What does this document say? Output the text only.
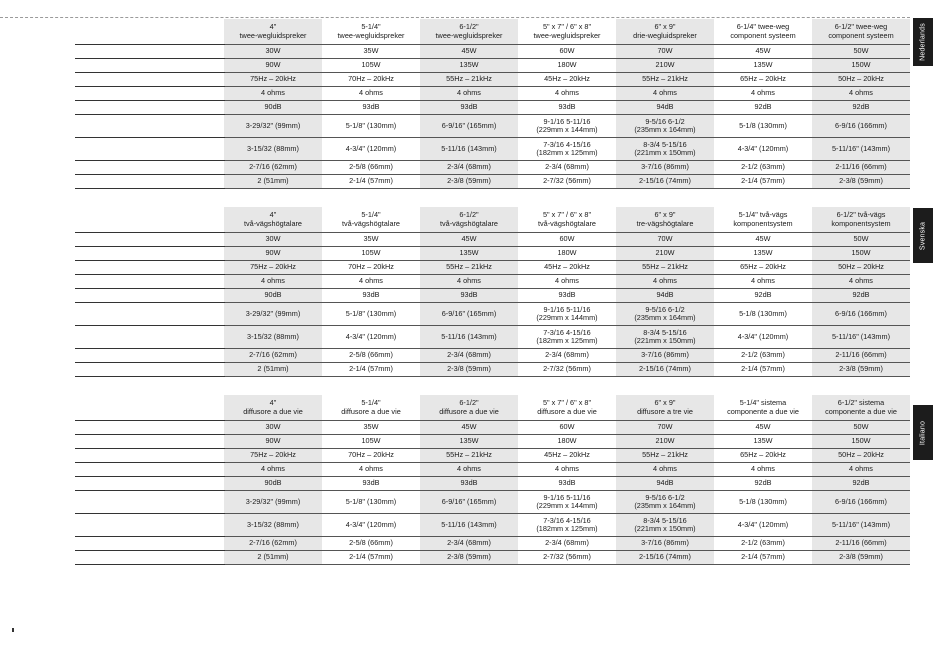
Nederlands
4"
twee-wegluidspreker	5-1/4"
twee-wegluidspreker	6-1/2"
twee-wegluidspreker	5" x 7" / 6" x 8"
twee-wegluidspreker	6" x 9"
drie-wegluidspreker	6-1/4" twee-weg
component systeem	6-1/2" twee-weg
component systeem
30W	35W	45W	60W	70W	45W	50W
90W	105W	135W	180W	210W	135W	150W
75Hz – 20kHz	70Hz – 20kHz	55Hz – 21kHz	45Hz – 20kHz	55Hz – 21kHz	65Hz – 20kHz	50Hz – 20kHz
4 ohms	4 ohms	4 ohms	4 ohms	4 ohms	4 ohms	4 ohms
90dB	93dB	93dB	93dB	94dB	92dB	92dB
3-29/32" (99mm)	5-1/8" (130mm)	6-9/16" (165mm)	9-1/16 5-11/16
(229mm x 144mm)	9-5/16 6-1/2
(235mm x 164mm)	5-1/8 (130mm)	6-9/16 (166mm)
3-15/32 (88mm)	4-3/4" (120mm)	5-11/16 (143mm)	7-3/16 4-15/16
(182mm x 125mm)	8-3/4 5-15/16
(221mm x 150mm)	4-3/4" (120mm)	5-11/16" (143mm)
2-7/16 (62mm)	2-5/8 (66mm)	2-3/4 (68mm)	2-3/4 (68mm)	3-7/16 (86mm)	2-1/2 (63mm)	2-11/16 (66mm)
2 (51mm)	2-1/4 (57mm)	2-3/8 (59mm)	2-7/32 (56mm)	2-15/16 (74mm)	2-1/4 (57mm)	2-3/8 (59mm)
Svenska
4"
två-vägshögtalare	5-1/4"
två-vägshögtalare	6-1/2"
två-vägshögtalare	5" x 7" / 6" x 8"
två-vägshögtalare	6" x 9"
tre-vägshögtalare	5-1/4" två-vägs
komponentsystem	6-1/2" två-vägs
komponentsystem
30W	35W	45W	60W	70W	45W	50W
90W	105W	135W	180W	210W	135W	150W
75Hz – 20kHz	70Hz – 20kHz	55Hz – 21kHz	45Hz – 20kHz	55Hz – 21kHz	65Hz – 20kHz	50Hz – 20kHz
4 ohms	4 ohms	4 ohms	4 ohms	4 ohms	4 ohms	4 ohms
90dB	93dB	93dB	93dB	94dB	92dB	92dB
3-29/32" (99mm)	5-1/8" (130mm)	6-9/16" (165mm)	9-1/16 5-11/16
(229mm x 144mm)	9-5/16 6-1/2
(235mm x 164mm)	5-1/8 (130mm)	6-9/16 (166mm)
3-15/32 (88mm)	4-3/4" (120mm)	5-11/16 (143mm)	7-3/16 4-15/16
(182mm x 125mm)	8-3/4 5-15/16
(221mm x 150mm)	4-3/4" (120mm)	5-11/16" (143mm)
2-7/16 (62mm)	2-5/8 (66mm)	2-3/4 (68mm)	2-3/4 (68mm)	3-7/16 (86mm)	2-1/2 (63mm)	2-11/16 (66mm)
2 (51mm)	2-1/4 (57mm)	2-3/8 (59mm)	2-7/32 (56mm)	2-15/16 (74mm)	2-1/4 (57mm)	2-3/8 (59mm)
Italiano
4"
diffusore a due vie	5-1/4"
diffusore a due vie	6-1/2"
diffusore a due vie	5" x 7" / 6" x 8"
diffusore a due vie	6" x 9"
diffusore a tre vie	5-1/4" sistema
componente a due vie	6-1/2" sistema
componente a due vie
30W	35W	45W	60W	70W	45W	50W
90W	105W	135W	180W	210W	135W	150W
75Hz – 20kHz	70Hz – 20kHz	55Hz – 21kHz	45Hz – 20kHz	55Hz – 21kHz	65Hz – 20kHz	50Hz – 20kHz
4 ohms	4 ohms	4 ohms	4 ohms	4 ohms	4 ohms	4 ohms
90dB	93dB	93dB	93dB	94dB	92dB	92dB
3-29/32" (99mm)	5-1/8" (130mm)	6-9/16" (165mm)	9-1/16 5-11/16
(229mm x 144mm)	9-5/16 6-1/2
(235mm x 164mm)	5-1/8 (130mm)	6-9/16 (166mm)
3-15/32 (88mm)	4-3/4" (120mm)	5-11/16 (143mm)	7-3/16 4-15/16
(182mm x 125mm)	8-3/4 5-15/16
(221mm x 150mm)	4-3/4" (120mm)	5-11/16" (143mm)
2-7/16 (62mm)	2-5/8 (66mm)	2-3/4 (68mm)	2-3/4 (68mm)	3-7/16 (86mm)	2-1/2 (63mm)	2-11/16 (66mm)
2 (51mm)	2-1/4 (57mm)	2-3/8 (59mm)	2-7/32 (56mm)	2-15/16 (74mm)	2-1/4 (57mm)	2-3/8 (59mm)
